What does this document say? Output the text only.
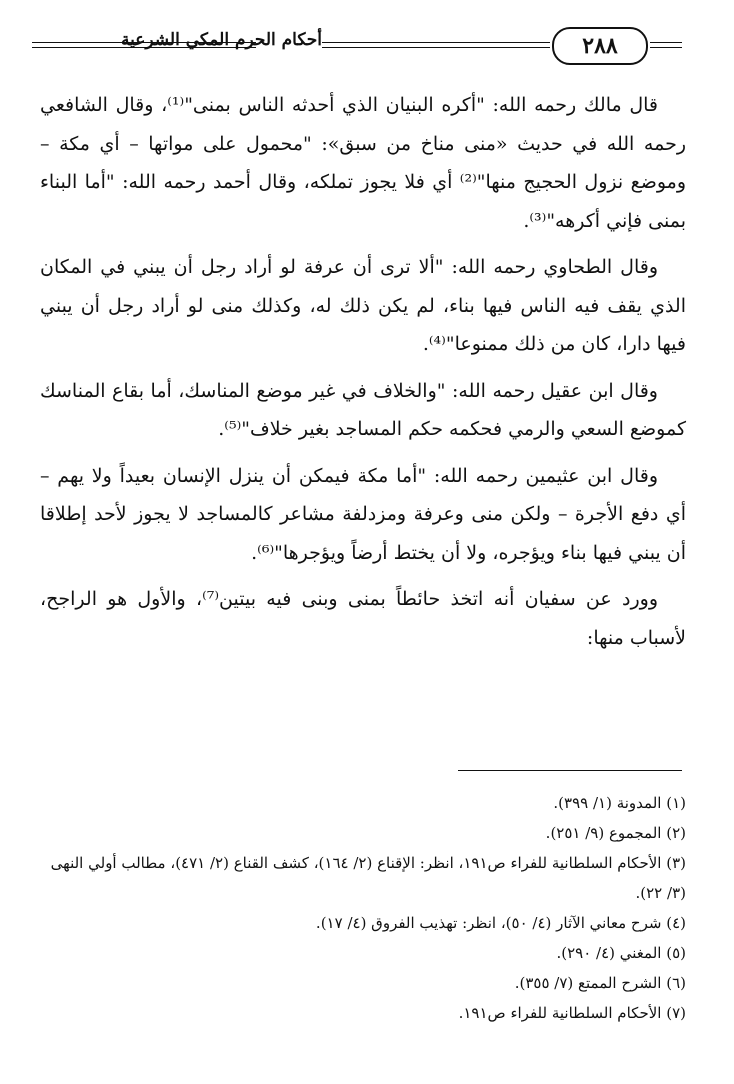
أحكام الحرم المكي الشرعية	٢٨٨

قال مالك رحمه الله: "أكره البنيان الذي أحدثه الناس بمنى"⁽¹⁾، وقال الشافعي رحمه الله في حديث «منى مناخ من سبق»: "محمول على مواتها – أي مكة – وموضع نزول الحجيج منها"⁽²⁾ أي فلا يجوز تملكه، وقال أحمد رحمه الله: "أما البناء بمنى فإني أكرهه"⁽³⁾.

وقال الطحاوي رحمه الله: "ألا ترى أن عرفة لو أراد رجل أن يبني في المكان الذي يقف فيه الناس فيها بناء، لم يكن ذلك له، وكذلك منى لو أراد رجل أن يبني فيها دارا، كان من ذلك ممنوعا"⁽⁴⁾.

وقال ابن عقيل رحمه الله: "والخلاف في غير موضع المناسك، أما بقاع المناسك كموضع السعي والرمي فحكمه حكم المساجد بغير خلاف"⁽⁵⁾.

وقال ابن عثيمين رحمه الله: "أما مكة فيمكن أن ينزل الإنسان بعيداً ولا يهم – أي دفع الأجرة – ولكن منى وعرفة ومزدلفة مشاعر كالمساجد لا يجوز لأحد إطلاقا أن يبني فيها بناء ويؤجره، ولا أن يختط أرضاً ويؤجرها"⁽⁶⁾.

وورد عن سفيان أنه اتخذ حائطاً بمنى وبنى فيه بيتين⁽⁷⁾، والأول هو الراجح، لأسباب منها:

(١) المدونة (١/ ٣٩٩).

(٢) المجموع (٩/ ٢٥١).

(٣) الأحكام السلطانية للفراء ص١٩١، انظر: الإقناع (٢/ ١٦٤)، كشف القناع (٢/ ٤٧١)، مطالب أولي النهى (٣/ ٢٢).

(٤) شرح معاني الآثار (٤/ ٥٠)، انظر: تهذيب الفروق (٤/ ١٧).

(٥) المغني (٤/ ٢٩٠).

(٦) الشرح الممتع (٧/ ٣٥٥).

(٧) الأحكام السلطانية للفراء ص١٩١.
